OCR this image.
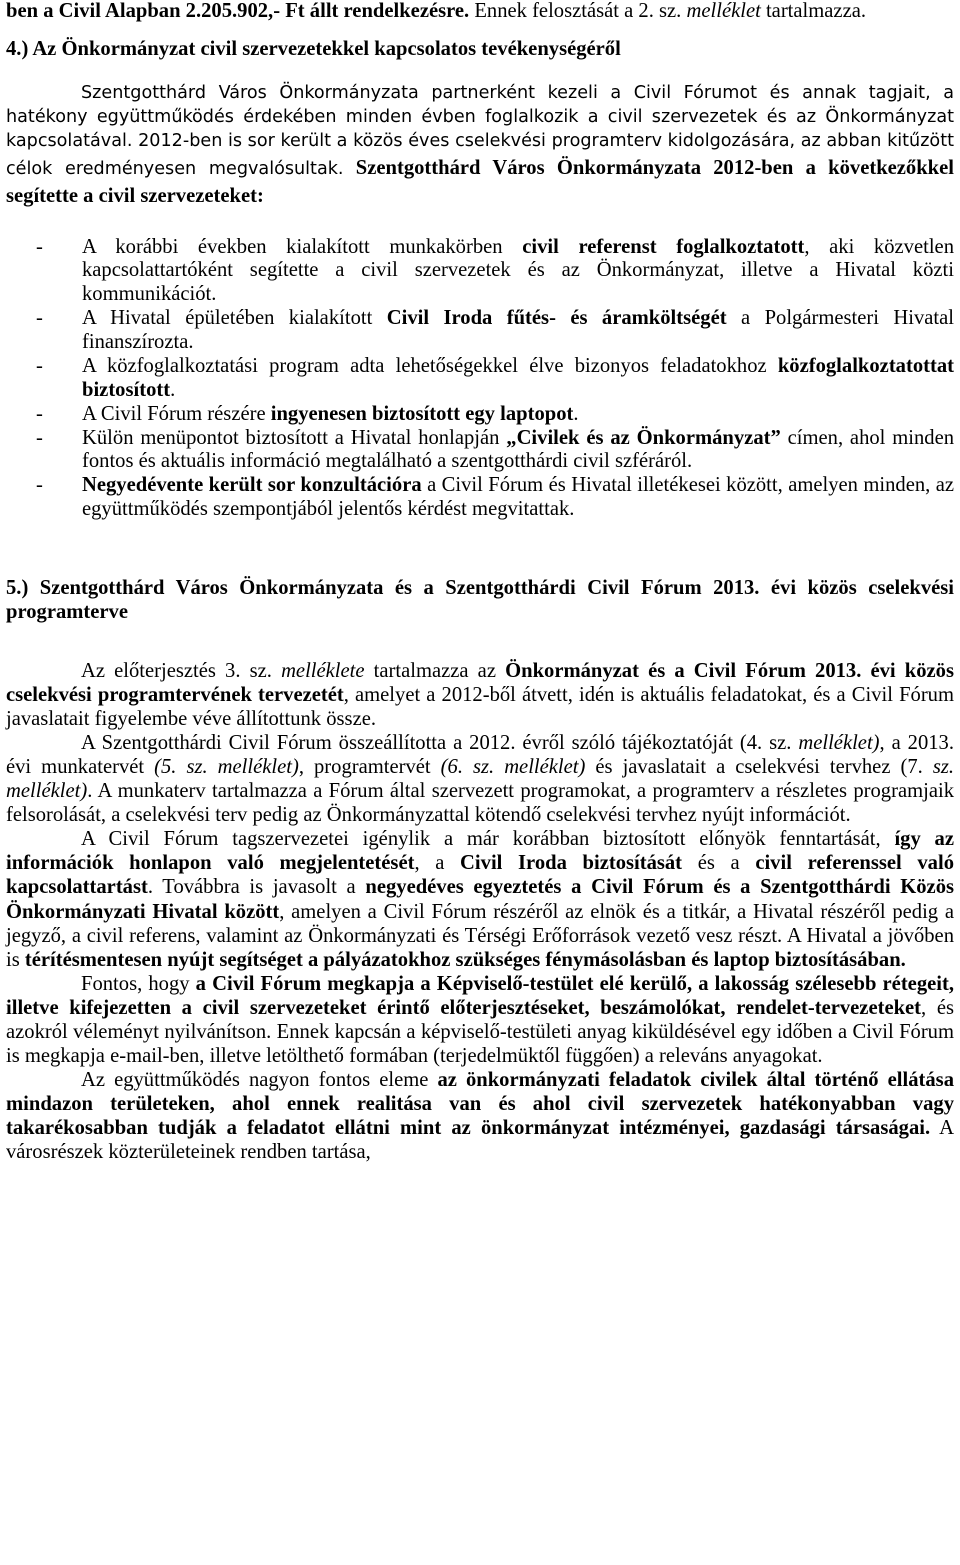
ben a Civil Alapban 2.205.902,- Ft állt rendelkezésre. Ennek felosztását a 2. sz. melléklet tartalmazza.

4.) Az Önkormányzat civil szervezetekkel kapcsolatos tevékenységéről

Szentgotthárd Város Önkormányzata partnerként kezeli a Civil Fórumot és annak tagjait, a hatékony együttműködés érdekében minden évben foglalkozik a civil szervezetek és az Önkormányzat kapcsolatával. 2012-ben is sor került a közös éves cselekvési programterv kidolgozására, az abban kitűzött célok eredményesen megvalósultak. Szentgotthárd Város Önkormányzata 2012-ben a következőkkel segítette a civil szervezeteket:

- A korábbi években kialakított munkakörben civil referenst foglalkoztatott, aki közvetlen kapcsolattartóként segítette a civil szervezetek és az Önkormányzat, illetve a Hivatal közti kommunikációt.
- A Hivatal épületében kialakított Civil Iroda fűtés- és áramköltségét a Polgármesteri Hivatal finanszírozta.
- A közfoglalkoztatási program adta lehetőségekkel élve bizonyos feladatokhoz közfoglalkoztatottat biztosított.
- A Civil Fórum részére ingyenesen biztosított egy laptopot.
- Külön menüpontot biztosított a Hivatal honlapján „Civilek és az Önkormányzat” címen, ahol minden fontos és aktuális információ megtalálható a szentgotthárdi civil szféráról.
- Negyedévente került sor konzultációra a Civil Fórum és Hivatal illetékesei között, amelyen minden, az együttműködés szempontjából jelentős kérdést megvitattak.

5.) Szentgotthárd Város Önkormányzata és a Szentgotthárdi Civil Fórum 2013. évi közös cselekvési programterve

Az előterjesztés 3. sz. melléklete tartalmazza az Önkormányzat és a Civil Fórum 2013. évi közös cselekvési programtervének tervezetét, amelyet a 2012-ből átvett, idén is aktuális feladatokat, és a Civil Fórum javaslatait figyelembe véve állítottunk össze.

A Szentgotthárdi Civil Fórum összeállította a 2012. évről szóló tájékoztatóját (4. sz. melléklet), a 2013. évi munkatervét (5. sz. melléklet), programtervét (6. sz. melléklet) és javaslatait a cselekvési tervhez (7. sz. melléklet). A munkaterv tartalmazza a Fórum által szervezett programokat, a programterv a részletes programjaik felsorolását, a cselekvési terv pedig az Önkormányzattal kötendő cselekvési tervhez nyújt információt.

A Civil Fórum tagszervezetei igénylik a már korábban biztosított előnyök fenntartását, így az információk honlapon való megjelentetését, a Civil Iroda biztosítását és a civil referenssel való kapcsolattartást. Továbbra is javasolt a negyedéves egyeztetés a Civil Fórum és a Szentgotthárdi Közös Önkormányzati Hivatal között, amelyen a Civil Fórum részéről az elnök és a titkár, a Hivatal részéről pedig a jegyző, a civil referens, valamint az Önkormányzati és Térségi Erőforrások vezető vesz részt. A Hivatal a jövőben is térítésmentesen nyújt segítséget a pályázatokhoz szükséges fénymásolásban és laptop biztosításában.

Fontos, hogy a Civil Fórum megkapja a Képviselő-testület elé kerülő, a lakosság szélesebb rétegeit, illetve kifejezetten a civil szervezeteket érintő előterjesztéseket, beszámolókat, rendelet-tervezeteket, és azokról véleményt nyilvánítson. Ennek kapcsán a képviselő-testületi anyag kiküldésével egy időben a Civil Fórum is megkapja e-mail-ben, illetve letölthető formában (terjedelmüktől függően) a releváns anyagokat.

Az együttműködés nagyon fontos eleme az önkormányzati feladatok civilek által történő ellátása mindazon területeken, ahol ennek realitása van és ahol civil szervezetek hatékonyabban vagy takarékosabban tudják a feladatot ellátni mint az önkormányzat intézményei, gazdasági társaságai. A városrészek közterületeinek rendben tartása,
